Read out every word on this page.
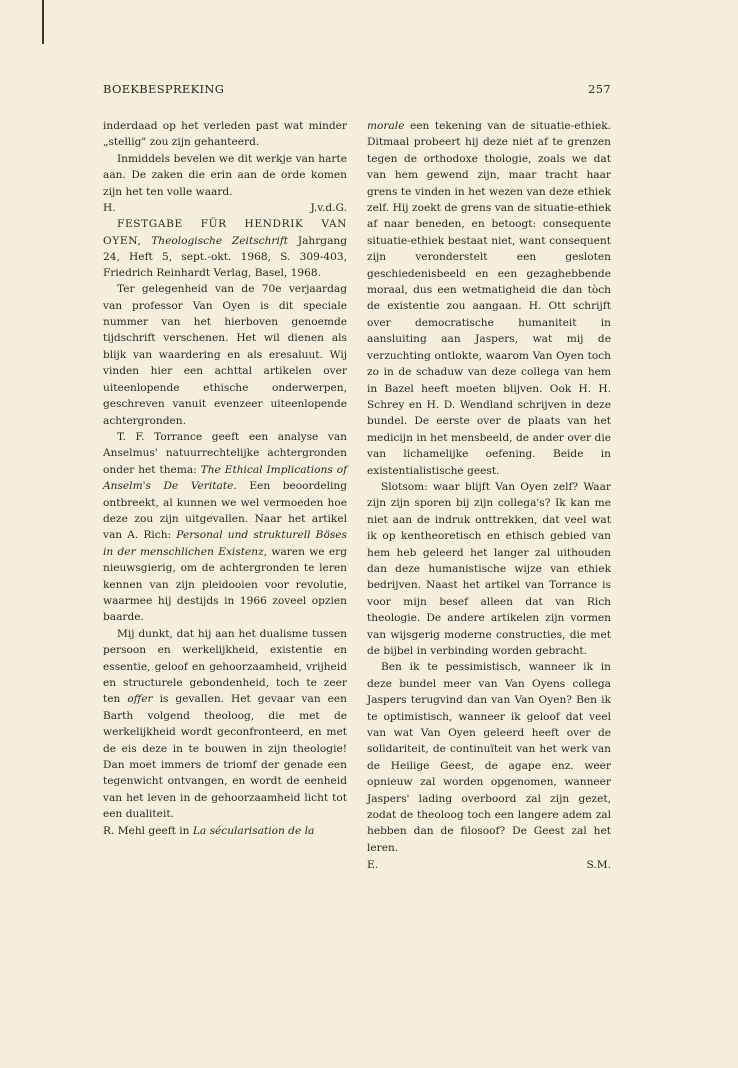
BOEKBESPREKING	257

inderdaad op het verleden past wat minder „stellig" zou zijn gehanteerd.

Inmiddels bevelen we dit werkje van harte aan. De zaken die erin aan de orde komen zijn het ten volle waard.

H.	J.v.d.G.

FESTGABE FÜR HENDRIK VAN OYEN, Theologische Zeitschrift Jahrgang 24, Heft 5, sept.-okt. 1968, S. 309-403, Friedrich Reinhardt Verlag, Basel, 1968.

Ter gelegenheid van de 70e verjaardag van professor Van Oyen is dit speciale nummer van het hierboven genoemde tijdschrift verschenen. Het wil dienen als blijk van waardering en als eresaluut. Wij vinden hier een achttal artikelen over uiteenlopende ethische onderwerpen, geschreven vanuit evenzeer uiteenlopende achtergronden.

T. F. Torrance geeft een analyse van Anselmus' natuurrechtelijke achtergronden onder het thema: The Ethical Implications of Anselm's De Veritate. Een beoordeling ontbreekt, al kunnen we wel vermoeden hoe deze zou zijn uitgevallen. Naar het artikel van A. Rich: Personal und strukturell Böses in der menschlichen Existenz, waren we erg nieuwsgierig, om de achtergronden te leren kennen van zijn pleidooien voor revolutie, waarmee hij destijds in 1966 zoveel opzien baarde.

Mij dunkt, dat hij aan het dualisme tussen persoon en werkelijkheid, existentie en essentie, geloof en gehoorzaamheid, vrijheid en structurele gebondenheid, toch te zeer ten offer is gevallen. Het gevaar van een Barth volgend theoloog, die met de werkelijkheid wordt geconfronteerd, en met de eis deze in te bouwen in zijn theologie! Dan moet immers de triomf der genade een tegenwicht ontvangen, en wordt de eenheid van het leven in de gehoorzaamheid licht tot een dualiteit.

R. Mehl geeft in La sécularisation de la

morale een tekening van de situatie-ethiek. Ditmaal probeert hij deze niet af te grenzen tegen de orthodoxe thologie, zoals we dat van hem gewend zijn, maar tracht haar grens te vinden in het wezen van deze ethiek zelf. Hij zoekt de grens van de situatie-ethiek af naar beneden, en betoogt: consequente situatie-ethiek bestaat niet, want consequent zijn veronderstelt een gesloten geschiedenisbeeld en een gezaghebbende moraal, dus een wetmatigheid die dan tòch de existentie zou aangaan. H. Ott schrijft over democratische humaniteit in aansluiting aan Jaspers, wat mij de verzuchting ontlokte, waarom Van Oyen toch zo in de schaduw van deze collega van hem in Bazel heeft moeten blijven. Ook H. H. Schrey en H. D. Wendland schrijven in deze bundel. De eerste over de plaats van het medicijn in het mensbeeld, de ander over die van lichamelijke oefening. Beide in existentialistische geest.

Slotsom: waar blijft Van Oyen zelf? Waar zijn zijn sporen bij zijn collega's? Ik kan me niet aan de indruk onttrekken, dat veel wat ik op kentheoretisch en ethisch gebied van hem heb geleerd het langer zal uithouden dan deze humanistische wijze van ethiek bedrijven. Naast het artikel van Torrance is voor mijn besef alleen dat van Rich theologie. De andere artikelen zijn vormen van wijsgerig moderne constructies, die met de bijbel in verbinding worden gebracht.

Ben ik te pessimistisch, wanneer ik in deze bundel meer van Van Oyens collega Jaspers terugvind dan van Van Oyen? Ben ik te optimistisch, wanneer ik geloof dat veel van wat Van Oyen geleerd heeft over de solidariteit, de continuïteit van het werk van de Heilige Geest, de agape enz. weer opnieuw zal worden opgenomen, wanneer Jaspers' lading overboord zal zijn gezet, zodat de theoloog toch een langere adem zal hebben dan de filosoof? De Geest zal het leren.

E.	S.M.
